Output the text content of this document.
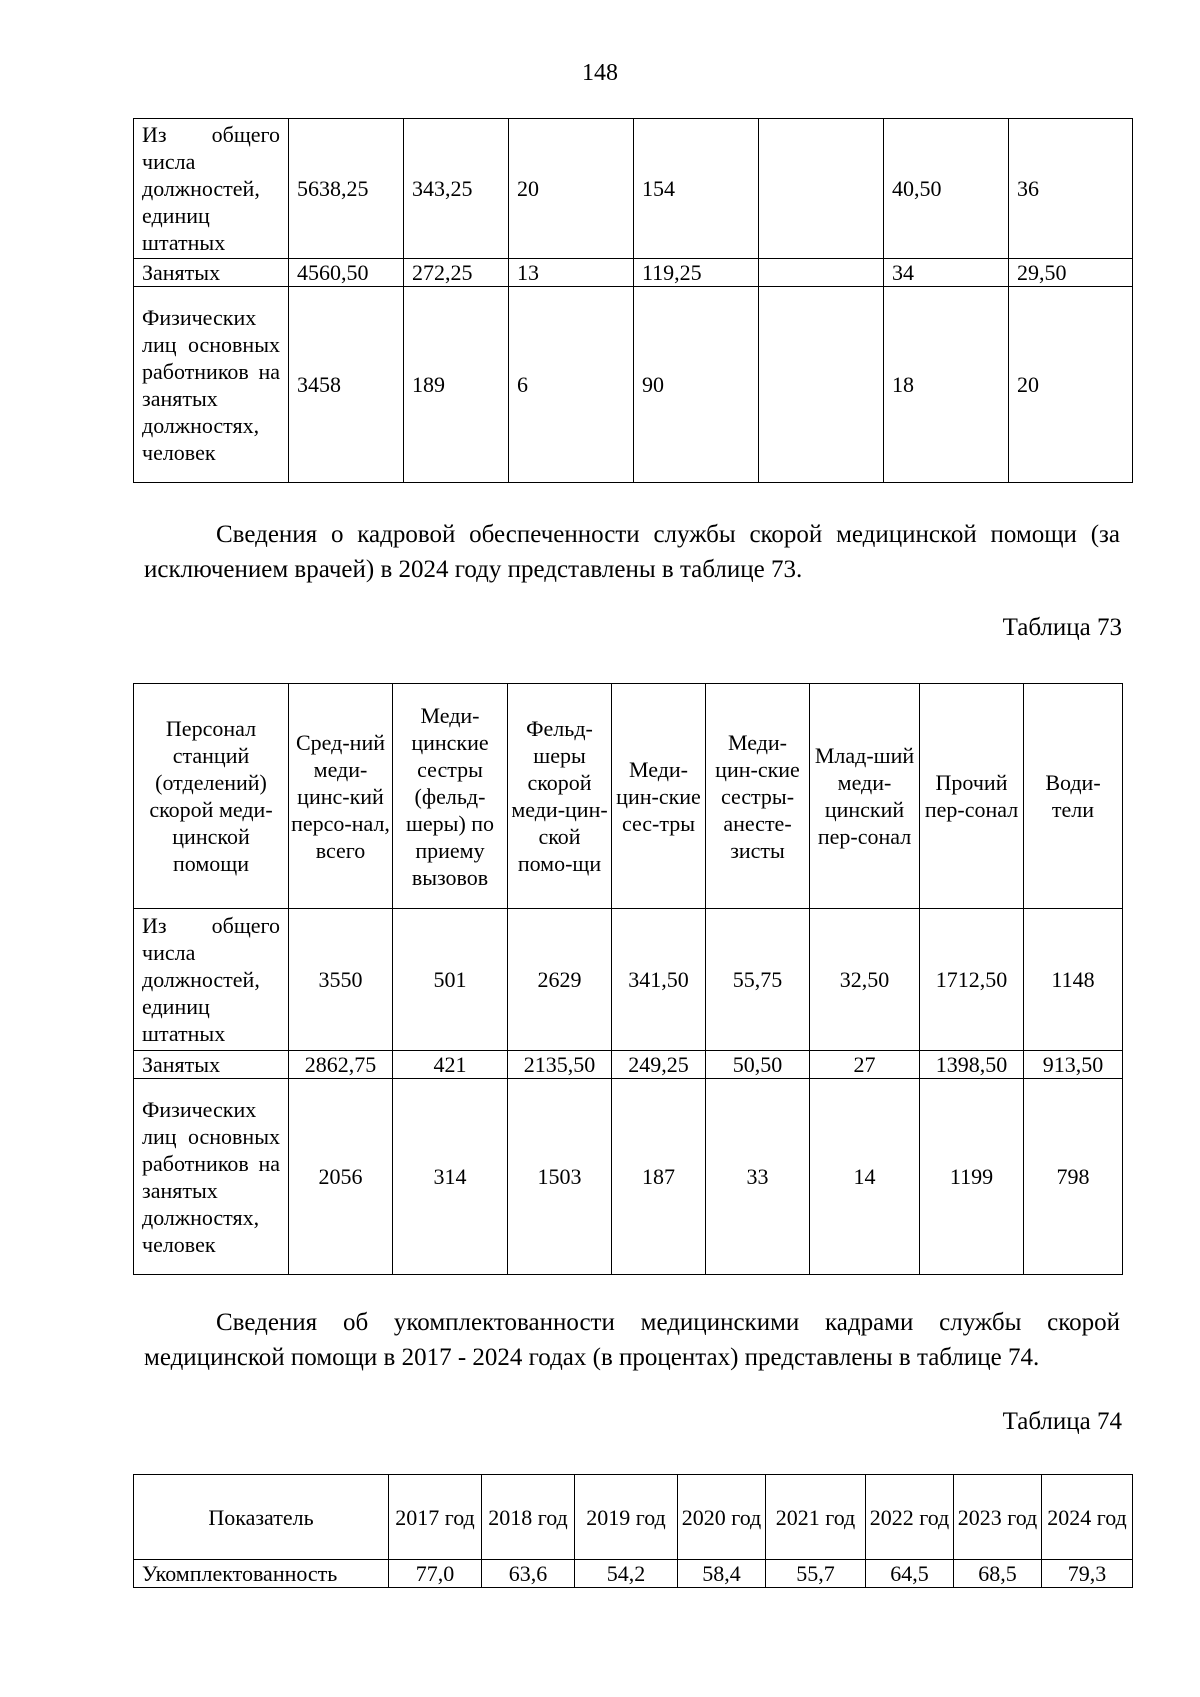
148
Из общего числа должностей, единиц штатных	5638,25	343,25	20	154		40,50	36
Занятых	4560,50	272,25	13	119,25		34	29,50
Физических лиц основных работников на занятых должностях, человек	3458	189	6	90		18	20

Сведения о кадровой обеспеченности службы скорой медицинской помощи (за исключением врачей) в 2024 году представлены в таблице 73.

Таблица 73

Персонал станций (отделений) скорой меди-цинской помощи	Сред-ний меди-цинс-кий персо-нал, всего	Меди-цинские сестры (фельд-шеры) по приему вызовов	Фельд-шеры скорой меди-цин-ской помо-щи	Меди-цин-ские сес-тры	Меди-цин-ские сестры-анесте-зисты	Млад-ший меди-цинский пер-сонал	Прочий пер-сонал	Води-тели
Из общего числа должностей, единиц штатных	3550	501	2629	341,50	55,75	32,50	1712,50	1148
Занятых	2862,75	421	2135,50	249,25	50,50	27	1398,50	913,50
Физических лиц основных работников на занятых должностях, человек	2056	314	1503	187	33	14	1199	798

Сведения об укомплектованности медицинскими кадрами службы скорой медицинской помощи в 2017 - 2024 годах (в процентах) представлены в таблице 74.

Таблица 74

Показатель	2017 год	2018 год	2019 год	2020 год	2021 год	2022 год	2023 год	2024 год
Укомплектованность	77,0	63,6	54,2	58,4	55,7	64,5	68,5	79,3
